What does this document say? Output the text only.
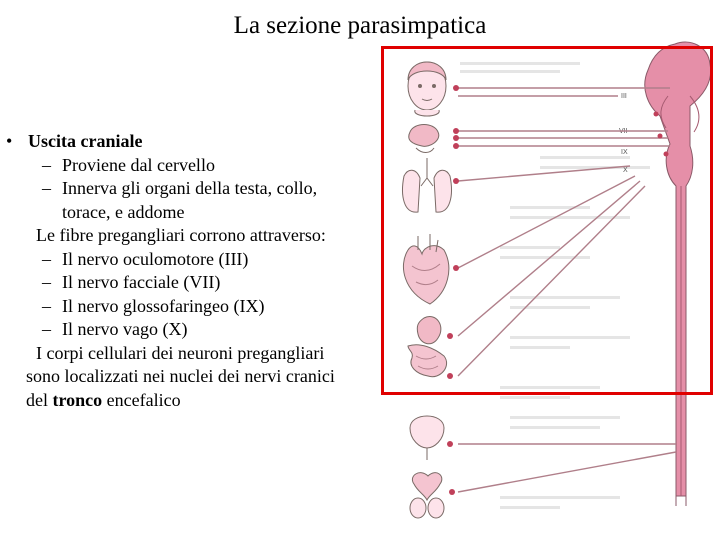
La sezione parasimpatica
• Uscita craniale
– Proviene dal cervello
– Innerva gli organi della testa, collo,
torace, e addome
Le fibre pregangliari corrono attraverso:
– Il nervo oculomotore (III)
– Il nervo facciale (VII)
– Il nervo glossofaringeo (IX)
– Il nervo vago (X)
I corpi cellulari dei neuroni pregangliari
sono localizzati nei nuclei dei nervi cranici
del tronco encefalico
III
VII
IX
X
